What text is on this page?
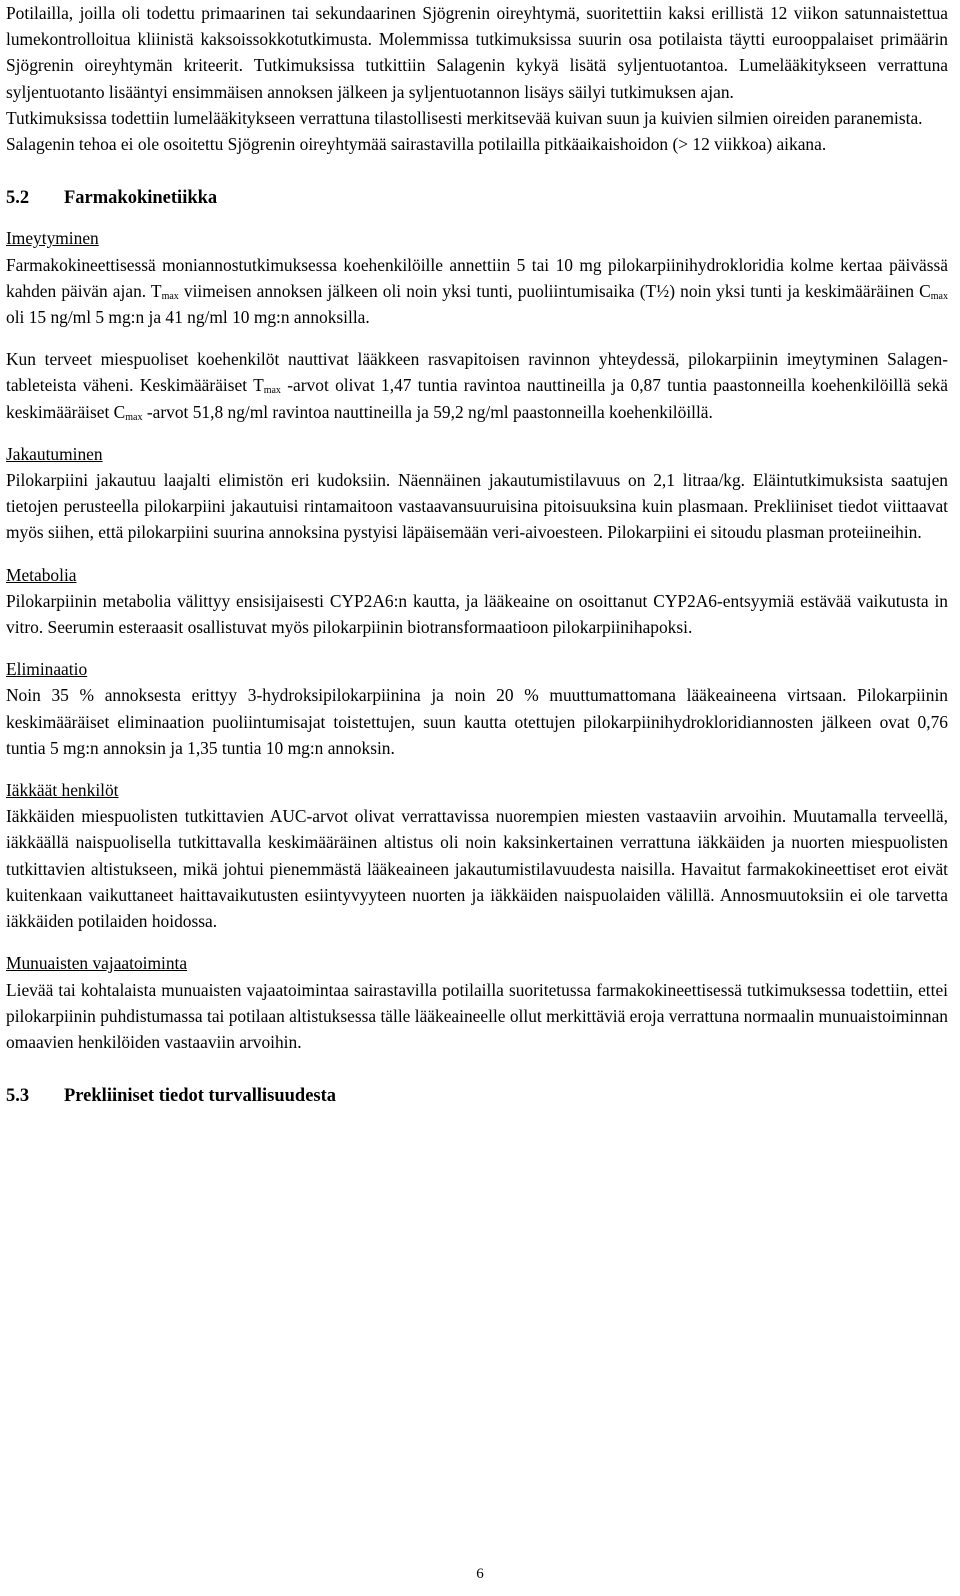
Potilailla, joilla oli todettu primaarinen tai sekundaarinen Sjögrenin oireyhtymä, suoritettiin kaksi erillistä 12 viikon satunnaistettua lumekontrolloitua kliinistä kaksoissokkotutkimusta. Molemmissa tutkimuksissa suurin osa potilaista täytti eurooppalaiset primäärin Sjögrenin oireyhtymän kriteerit. Tutkimuksissa tutkittiin Salagenin kykyä lisätä syljentuotantoa. Lumelääkitykseen verrattuna syljentuotanto lisääntyi ensimmäisen annoksen jälkeen ja syljentuotannon lisäys säilyi tutkimuksen ajan.

Tutkimuksissa todettiin lumelääkitykseen verrattuna tilastollisesti merkitsevää kuivan suun ja kuivien silmien oireiden paranemista.

Salagenin tehoa ei ole osoitettu Sjögrenin oireyhtymää sairastavilla potilailla pitkäaikaishoidon (> 12 viikkoa) aikana.

5.2	Farmakokinetiikka

Imeytyminen

Farmakokineettisessä moniannostutkimuksessa koehenkilöille annettiin 5 tai 10 mg pilokarpiinihydrokloridia kolme kertaa päivässä kahden päivän ajan. $T_{max}$ viimeisen annoksen jälkeen oli noin yksi tunti, puoliintumisaika (T½) noin yksi tunti ja keskimääräinen $C_{max}$ oli 15 ng/ml 5 mg:n ja 41 ng/ml 10 mg:n annoksilla.

Kun terveet miespuoliset koehenkilöt nauttivat lääkkeen rasvapitoisen ravinnon yhteydessä, pilokarpiinin imeytyminen Salagen-tableteista väheni. Keskimääräiset $T_{max}$ -arvot olivat 1,47 tuntia ravintoa nauttineilla ja 0,87 tuntia paastonneilla koehenkilöillä sekä keskimääräiset $C_{max}$ -arvot 51,8 ng/ml ravintoa nauttineilla ja 59,2 ng/ml paastonneilla koehenkilöillä.

Jakautuminen

Pilokarpiini jakautuu laajalti elimistön eri kudoksiin. Näennäinen jakautumistilavuus on 2,1 litraa/kg. Eläintutkimuksista saatujen tietojen perusteella pilokarpiini jakautuisi rintamaitoon vastaavansuuruisina pitoisuuksina kuin plasmaan. Prekliiniset tiedot viittaavat myös siihen, että pilokarpiini suurina annoksina pystyisi läpäisemään veri-aivoesteen. Pilokarpiini ei sitoudu plasman proteiineihin.

Metabolia

Pilokarpiinin metabolia välittyy ensisijaisesti CYP2A6:n kautta, ja lääkeaine on osoittanut CYP2A6-entsyymiä estävää vaikutusta in vitro. Seerumin esteraasit osallistuvat myös pilokarpiinin biotransformaatioon pilokarpiinihapoksi.

Eliminaatio

Noin 35 % annoksesta erittyy 3-hydroksipilokarpiinina ja noin 20 % muuttumattomana lääkeaineena virtsaan. Pilokarpiinin keskimääräiset eliminaation puoliintumisajat toistettujen, suun kautta otettujen pilokarpiinihydrokloridiannosten jälkeen ovat 0,76 tuntia 5 mg:n annoksin ja 1,35 tuntia 10 mg:n annoksin.

Iäkkäät henkilöt

Iäkkäiden miespuolisten tutkittavien AUC-arvot olivat verrattavissa nuorempien miesten vastaaviin arvoihin. Muutamalla terveellä, iäkkäällä naispuolisella tutkittavalla keskimääräinen altistus oli noin kaksinkertainen verrattuna iäkkäiden ja nuorten miespuolisten tutkittavien altistukseen, mikä johtui pienemmästä lääkeaineen jakautumistilavuudesta naisilla. Havaitut farmakokineettiset erot eivät kuitenkaan vaikuttaneet haittavaikutusten esiintyvyyteen nuorten ja iäkkäiden naispuolaiden välillä. Annosmuutoksiin ei ole tarvetta iäkkäiden potilaiden hoidossa.

Munuaisten vajaatoiminta

Lievää tai kohtalaista munuaisten vajaatoimintaa sairastavilla potilailla suoritetussa farmakokineettisessä tutkimuksessa todettiin, ettei pilokarpiinin puhdistumassa tai potilaan altistuksessa tälle lääkeaineelle ollut merkittäviä eroja verrattuna normaalin munuaistoiminnan omaavien henkilöiden vastaaviin arvoihin.

5.3	Prekliiniset tiedot turvallisuudesta
6
